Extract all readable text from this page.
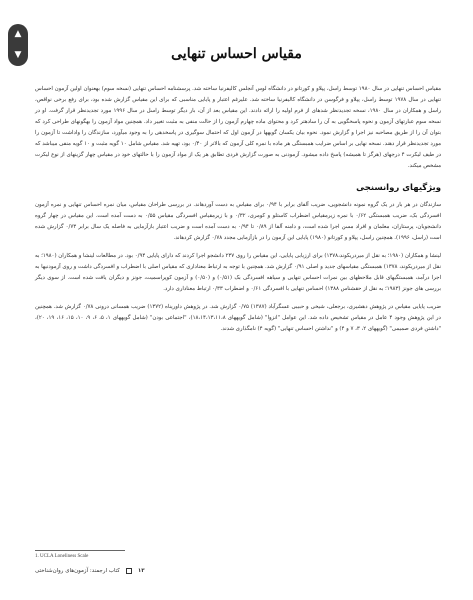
▲
▼	مقیاس احساس تنهایی

مقیاس احساس تنهایی در سال ۱۹۸۰ توسط راسل، پپلاو و کورتانو در دانشگاه لوس آنجلس کالیفرنیا ساخته شد. پرسشنامه احساس تنهایی (نسخه سوم) بهعنوان اولین آزمون احساس تنهایی در سال ۱۹۷۸ توسط راسل، پپلاو و فرگوسن در دانشگاه کالیفرنیا ساخته شد. علیرغم اعتبار و پایایی مناسبی که برای این مقیاس گزارش شده بود، برای رفع برخی نواقص، راسل و همکاران در سال ۱۹۸۰، نسخه تجدیدنظر شدهای از فرم اولیه را ارائه دادند. این مقیاس بعد از آن، بار دیگر توسط راسل در سال ۱۹۹۶ مورد تجدیدنظر قرار گرفت. او در نسخه سوم عبارتهای آزمون و نحوه پاسخگویی به آن را سادهتر کرد و محتوای ماده چهارم آزمون را از حالت منفی به مثبت تغییر داد. همچنین مواد آزمون را بهگونهای طراحی کرد که بتوان آن را از طریق مصاحبه نیز اجرا و گزارش نمود. نحوه بیان یکسان گویهها در آزمون اول که احتمال سوگیری در پاسخدهی را به وجود میآورد، سازندگان را واداشت تا آزمون را مورد تجدیدنظر قرار دهند. نسخه نهایی بر اساس ضرایب همبستگی هر ماده با نمره کلی آزمون که بالاتر از ۰/۴۰ بود، تهیه شد. مقیاس شامل ۱۰ گویه مثبت و ۱۰ گویه منفی میباشد که در طیف لیکرت ۴ درجهای (هرگز تا همیشه) پاسخ داده میشود. آزمودنی به صورت گزارش فردی تطابق هر یک از مواد آزمون را با حالتهای خود در مقیاس چهار گزینهای از نوع لیکرت مشخص میکند.

ویژگیهای روانسنجی

سازندگان در هر بار در یک گروه نمونه دانشجویی، ضریب آلفای برابر با ۰/۹۴ برای مقیاس به دست آوردهاند. در بررسی طراحان مقیاس، میان نمره احساس تنهایی و نمره آزمون افسردگی بک، ضریب همبستگی ۰/۶۲ با نمره زیرمقیاس اضطراب کاستلو و کومری، ۰/۳۲ و با زیرمقیاس افسردگی مقیاس ۰/۵۵ به دست آمده است. این مقیاس در چهار گروه دانشجویان، پرستاران، معلمان و افراد مسن اجرا شده است، و دامنه آلفا از ۰/۸۹ تا ۰/۹۴ به دست آمده است و ضریب اعتبار بازآزمایی به فاصله یک سال برابر ۰/۷۳ گزارش شده است (راسل، ۱۹۹۶). همچنین راسل، پپلاو و کورتانو (۱۹۸۰) پایایی این آزمون را در بازآزمایی مجدد ۰/۷۸ گزارش کردهاند.

لینشا و همکاران (۱۹۸۰؛ به نقل از میردریکوند،۱۳۷۸) برای ارزیابی پایایی، این مقیاس را روی ۲۳۷ دانشجو اجرا کردند که دارای پایایی ۰/۹۴ بود. در مطالعات لینشا و همکاران (۱۹۸۰؛ به نقل از میردریکوند، ۱۳۷۸) همبستگی مقیاسهای جدید و اصلی ۰/۹۱ گزارش شد. همچنین با توجه به ارتباط معناداری که مقیاس اصلی با اضطراب و افسردگی داشت و روی آزمودنیها به اجرا درآمد، همبستگیهای قابل ملاحظهای بین نمرات احساس تنهایی و سیاهه افسردگی بک (۰/۵۱) و (۰/۵۰) و آزمون کوپراسمیت، جونز و دیگران یافت شده است. از سوی دیگر بررسی های جونز (۱۹۸۳؛ به نقل از حقشناس ۱۳۸۸) احساس تنهایی با افسردگی ۰/۶۱ و اضطراب ۰/۳۳ ارتباط معناداری دارد.

ضریب پایایی مقیاس در پژوهش دهشیری، برجعلی، شیخی و حبیبی عسگرآباد (۱۳۸۷) ۰/۷۵ گزارش شد. در پژوهش داوریناه (۱۳۷۲) ضریب همسانی درونی ۰/۷۸ گزارش شد. همچنین در این پژوهش وجود ۴ عامل در مقیاس تشخیص داده شد. این عوامل "انزوا" (شامل گویههای ۱۸،۱۴،۱۳،۱۱،۸)، "اجتماعی بودن" (شامل گویههای ۱، ۵، ۶، ۹، ۱۰، ۱۵، ۱۶، ۱۹، ۲۰)، "داشتن فردی صمیمی" (گویههای ۲، ۳، ۷ و ۴) و "نداشتن احساس تنهایی" (گویه ۴) نامگذاری شدند.

1. UCLA Loneliness Scale
۱۳
کتاب ارجمند: آزمون‌های روان‌شناختی
